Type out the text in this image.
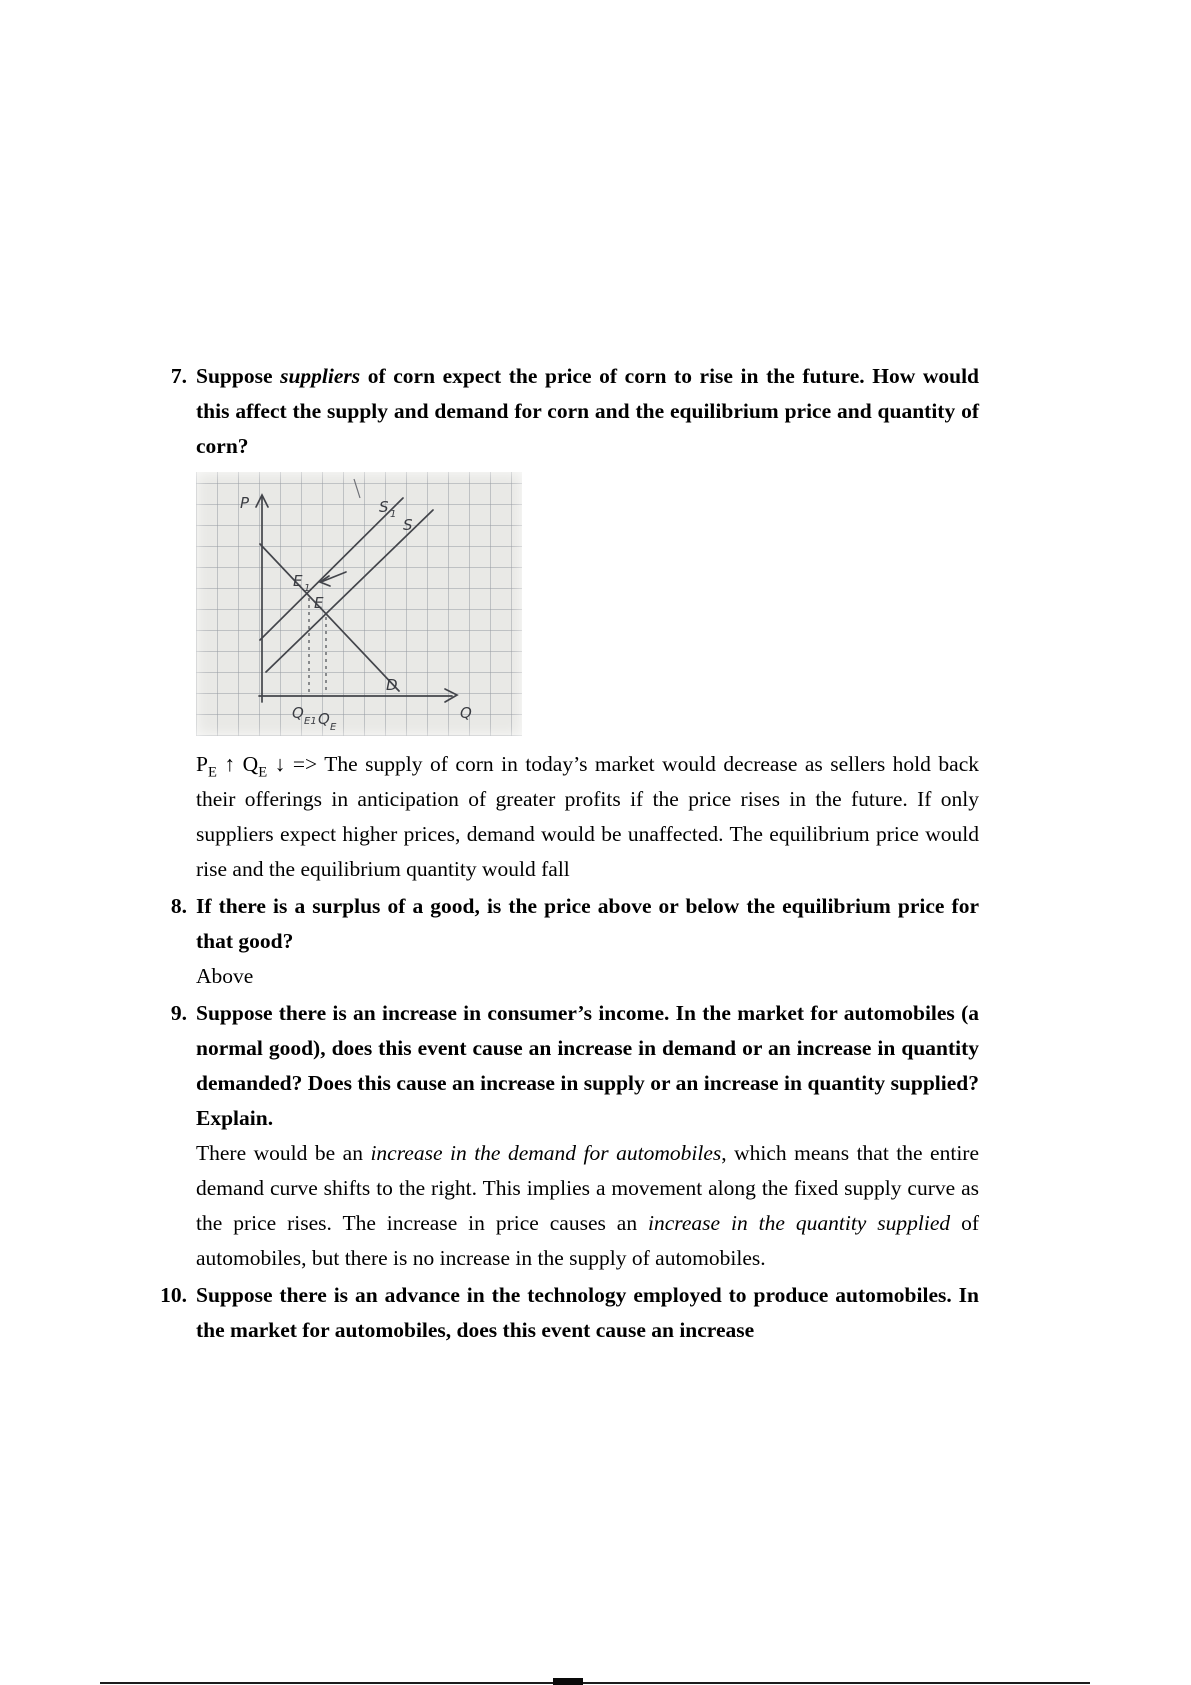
7. Suppose suppliers of corn expect the price of corn to rise in the future. How would this affect the supply and demand for corn and the equilibrium price and quantity of corn?

P
Q
S 1
S
D
E 1
E
Q E1 Q E

$P_E$ ↑ $Q_E$ ↓ => The supply of corn in today’s market would decrease as sellers hold back their offerings in anticipation of greater profits if the price rises in the future. If only suppliers expect higher prices, demand would be unaffected. The equilibrium price would rise and the equilibrium quantity would fall

8. If there is a surplus of a good, is the price above or below the equilibrium price for that good?

Above

9. Suppose there is an increase in consumer’s income. In the market for automobiles (a normal good), does this event cause an increase in demand or an increase in quantity demanded? Does this cause an increase in supply or an increase in quantity supplied? Explain.

There would be an increase in the demand for automobiles, which means that the entire demand curve shifts to the right. This implies a movement along the fixed supply curve as the price rises. The increase in price causes an increase in the quantity supplied of automobiles, but there is no increase in the supply of automobiles.

10. Suppose there is an advance in the technology employed to produce automobiles. In the market for automobiles, does this event cause an increase
